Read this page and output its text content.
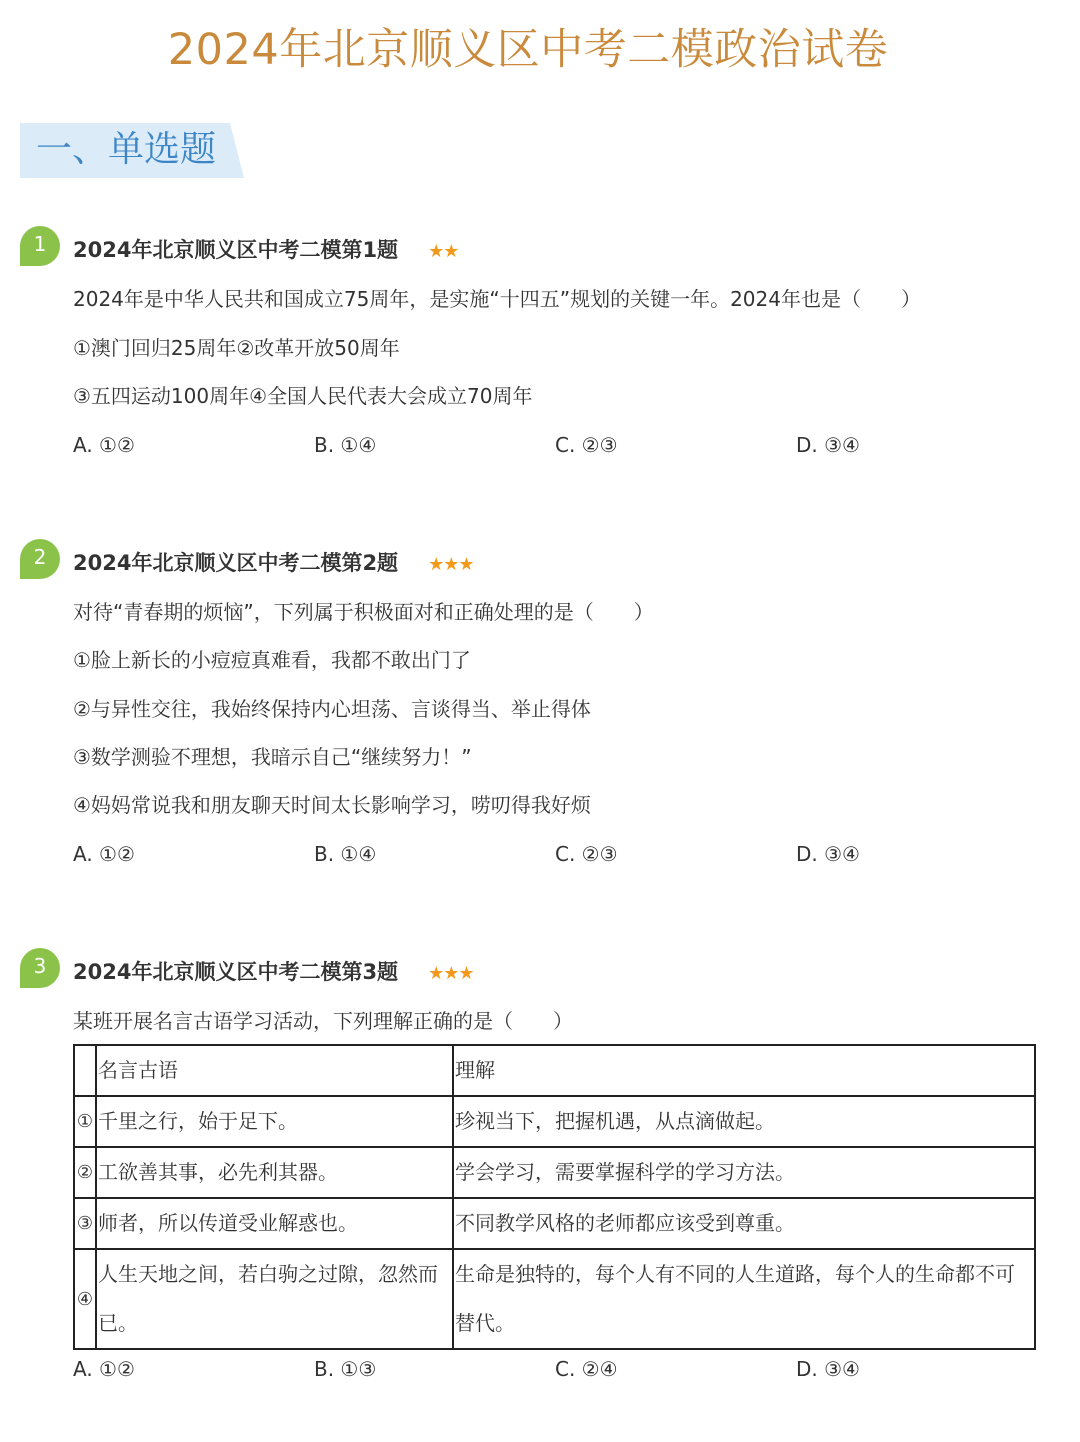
2024年北京顺义区中考二模政治试卷
一、单选题
1	2024年北京顺义区中考二模第1题 ★★
2024年是中华人民共和国成立75周年，是实施“十四五”规划的关键一年。2024年也是（　　）
①澳门回归25周年②改革开放50周年
③五四运动100周年④全国人民代表大会成立70周年
A. ①②	B. ①④	C. ②③	D. ③④
2	2024年北京顺义区中考二模第2题 ★★★
对待“青春期的烦恼”，下列属于积极面对和正确处理的是（　　）
①脸上新长的小痘痘真难看，我都不敢出门了
②与异性交往，我始终保持内心坦荡、言谈得当、举止得体
③数学测验不理想，我暗示自己“继续努力！”
④妈妈常说我和朋友聊天时间太长影响学习，唠叨得我好烦
A. ①②	B. ①④	C. ②③	D. ③④
3	2024年北京顺义区中考二模第3题 ★★★
某班开展名言古语学习活动，下列理解正确的是（　　）
	名言古语	理解
①	千里之行，始于足下。	珍视当下，把握机遇，从点滴做起。
②	工欲善其事，必先利其器。	学会学习，需要掌握科学的学习方法。
③	师者，所以传道受业解惑也。	不同教学风格的老师都应该受到尊重。
④	人生天地之间，若白驹之过隙，忽然而已。	生命是独特的，每个人有不同的人生道路，每个人的生命都不可替代。
A. ①②	B. ①③	C. ②④	D. ③④
